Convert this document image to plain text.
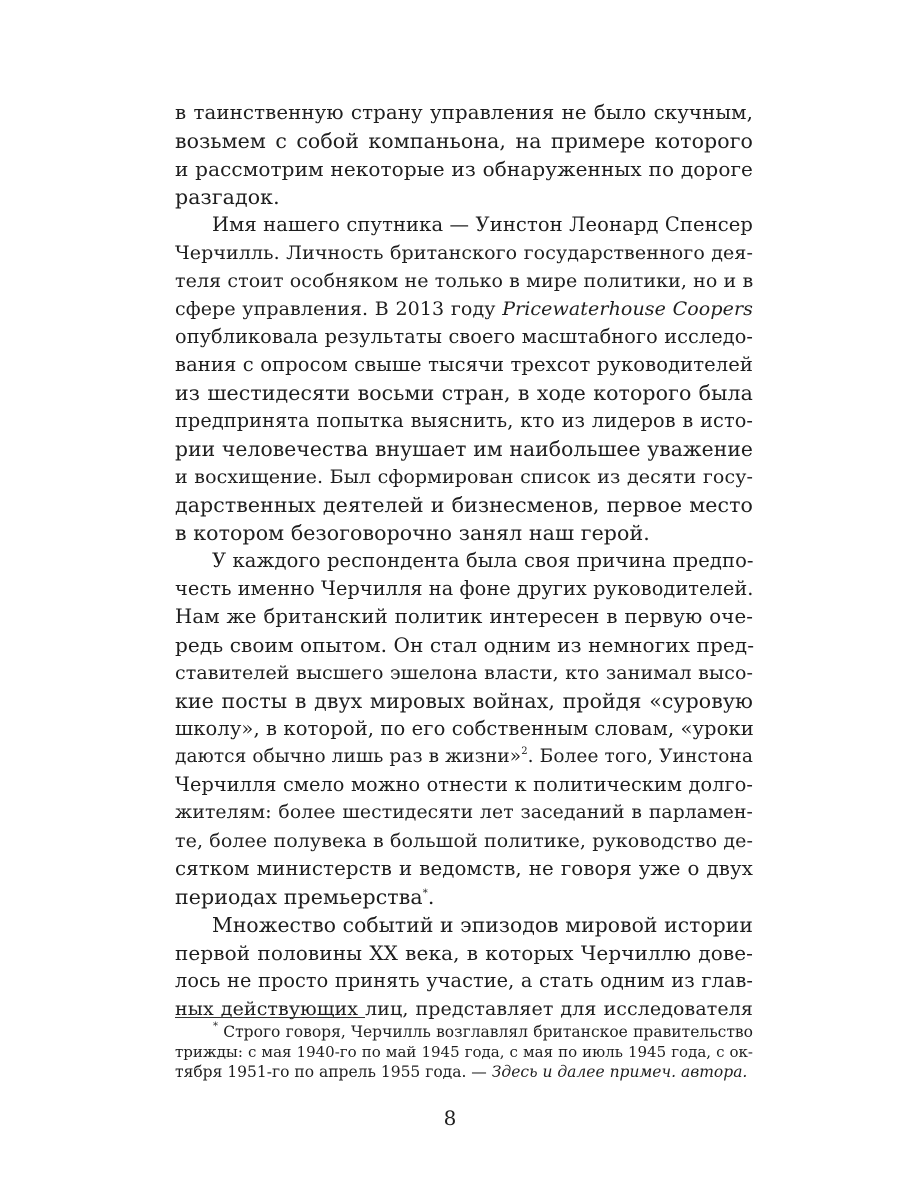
в таинственную страну управления не было скучным,
возьмем с собой компаньона, на примере которого
и рассмотрим некоторые из обнаруженных по дороге
разгадок.
Имя нашего спутника — Уинстон Леонард Спенсер
Черчилль. Личность британского государственного дея-
теля стоит особняком не только в мире политики, но и в
сфере управления. В 2013 году Pricewaterhouse Coopers
опубликовала результаты своего масштабного исследо-
вания с опросом свыше тысячи трехсот руководителей
из шестидесяти восьми стран, в ходе которого была
предпринята попытка выяснить, кто из лидеров в исто-
рии человечества внушает им наибольшее уважение
и восхищение. Был сформирован список из десяти госу-
дарственных деятелей и бизнесменов, первое место
в котором безоговорочно занял наш герой.
У каждого респондента была своя причина предпо-
честь именно Черчилля на фоне других руководителей.
Нам же британский политик интересен в первую оче-
редь своим опытом. Он стал одним из немногих пред-
ставителей высшего эшелона власти, кто занимал высо-
кие посты в двух мировых войнах, пройдя «суровую
школу», в которой, по его собственным словам, «уроки
даются обычно лишь раз в жизни»$^2$. Более того, Уинстона
Черчилля смело можно отнести к политическим долго-
жителям: более шестидесяти лет заседаний в парламен-
те, более полувека в большой политике, руководство де-
сятком министерств и ведомств, не говоря уже о двух
периодах премьерства*.
Множество событий и эпизодов мировой истории
первой половины XX века, в которых Черчиллю дове-
лось не просто принять участие, а стать одним из глав-
ных действующих лиц, представляет для исследователя
* Строго говоря, Черчилль возглавлял британское правительство
трижды: с мая 1940-го по май 1945 года, с мая по июль 1945 года, с ок-
тября 1951-го по апрель 1955 года. — Здесь и далее примеч. автора.
8
